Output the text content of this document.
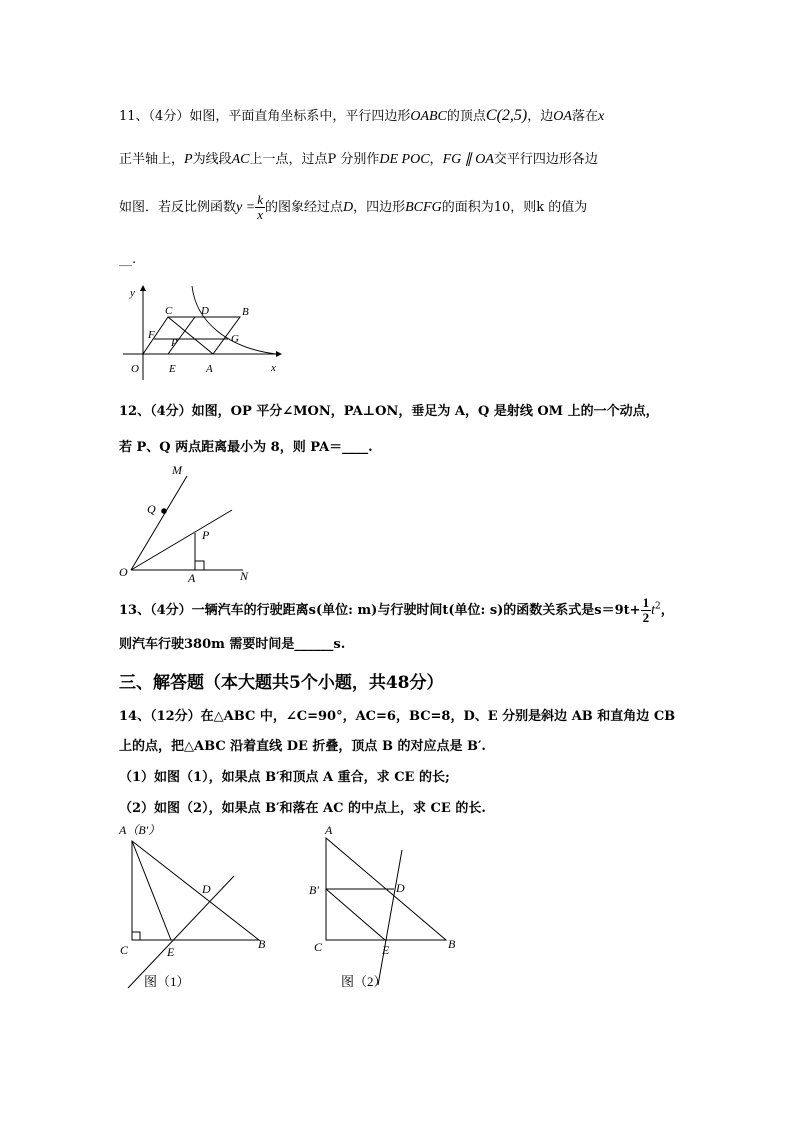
11、（4分）如图，平面直角坐标系中，平行四边形OABC的顶点C(2,5)，边OA落在x
正半轴上，P为线段AC上一点，过点P 分别作DE POC，FG ∥ OA交平行四边形各边
如图．若反比例函数$y = \frac{k}{x}$ 的图象经过点D，四边形BCFG的面积为10，则k 的值为
__.
y
x
O
C	D	B
F
P	G
E	A
12、（4分）如图，OP 平分∠MON，PA⊥ON，垂足为 A，Q 是射线 OM 上的一个动点，
若 P、Q 两点距离最小为 8，则 PA＝____.
M
Q
P
O	A	N
13、（4分）一辆汽车的行驶距离s(单位: m)与行驶时间t(单位: s)的函数关系式是$s=9t+ \frac{1}{2} t^2$，
则汽车行驶380m 需要时间是______s.
三、解答题（本大题共5个小题，共48分）
14、（12分）在△ABC 中，∠C=90°，AC=6，BC=8，D、E 分别是斜边 AB 和直角边 CB
上的点，把△ABC 沿着直线 DE 折叠，顶点 B 的对应点是 B′.
（1）如图（1），如果点 B′和顶点 A 重合，求 CE 的长;
（2）如图（2），如果点 B′和落在 AC 的中点上，求 CE 的长.
A（B′）
D
C	E
B
图（1）
A
B′	D
C	E	B
图（2）
